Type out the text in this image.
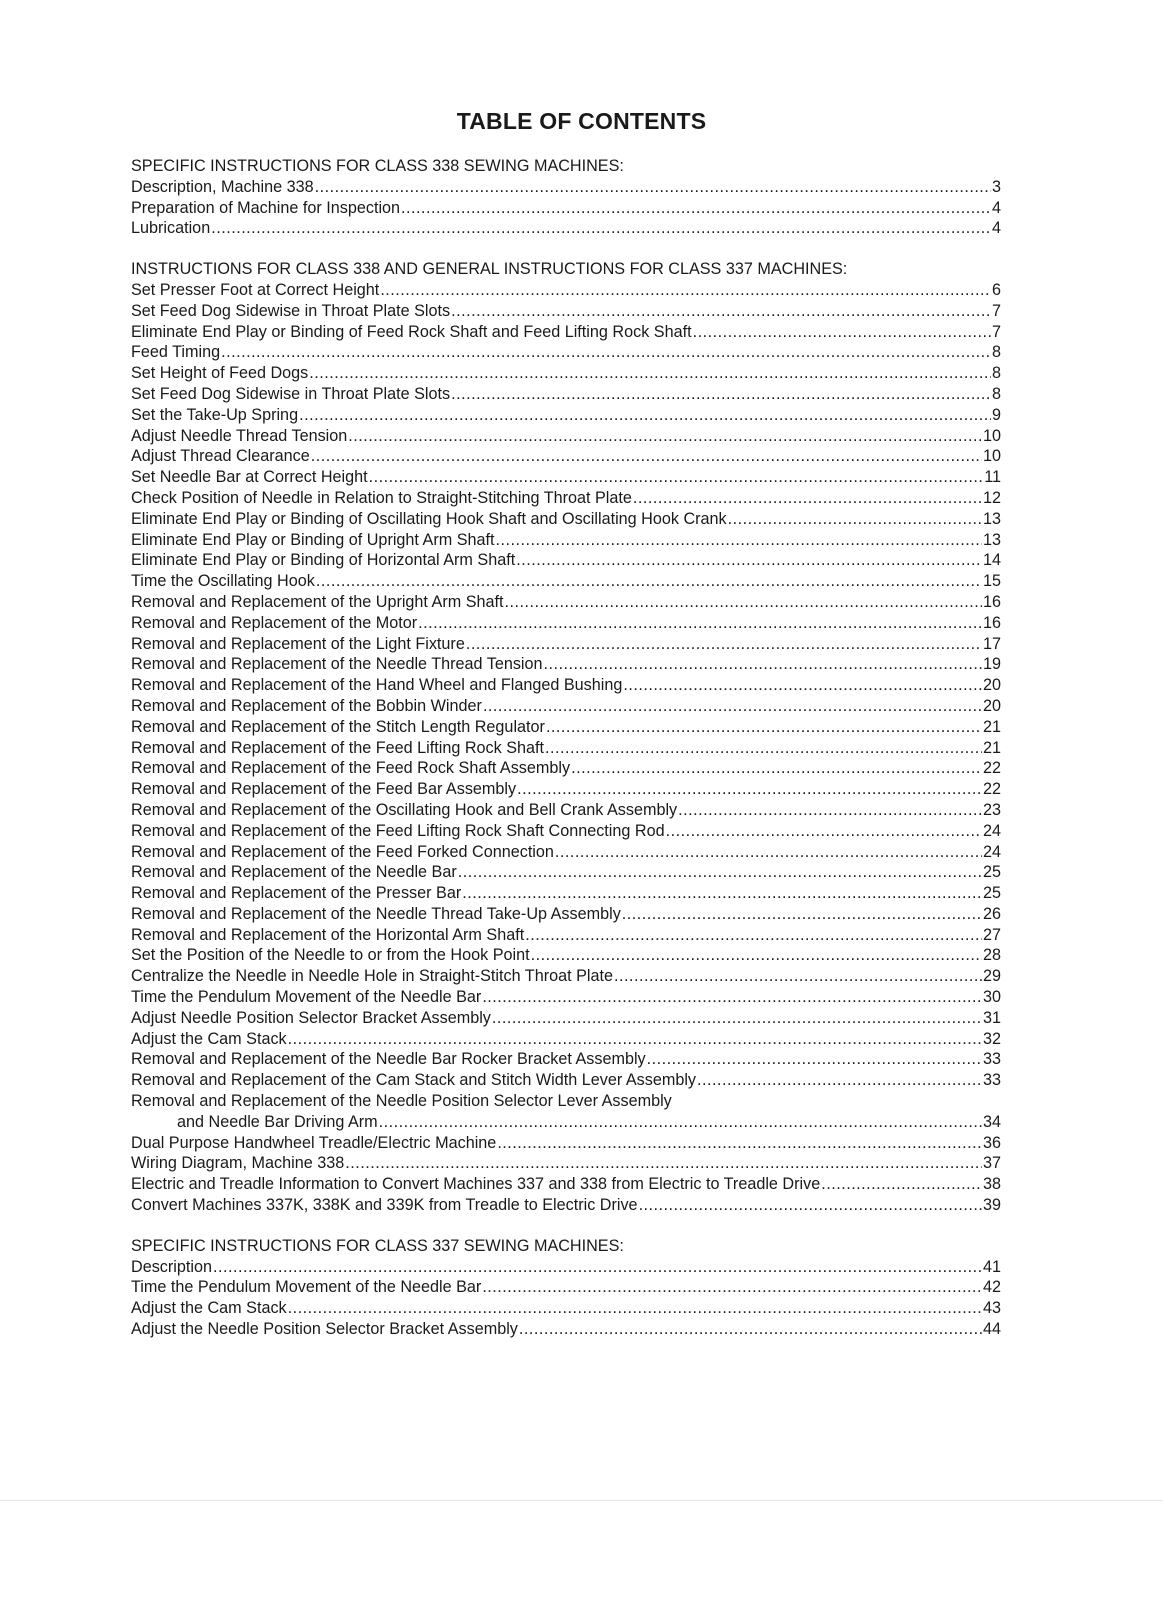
TABLE OF CONTENTS
SPECIFIC INSTRUCTIONS FOR CLASS 338 SEWING MACHINES:
Description, Machine 338 .....	3
Preparation of Machine for Inspection .....	4
Lubrication .....	4
INSTRUCTIONS FOR CLASS 338 AND GENERAL INSTRUCTIONS FOR CLASS 337 MACHINES:
Set Presser Foot at Correct Height .....	6
Set Feed Dog Sidewise in Throat Plate Slots .....	7
Eliminate End Play or Binding of Feed Rock Shaft and Feed Lifting Rock Shaft .....	7
Feed Timing .....	8
Set Height of Feed Dogs .....	8
Set Feed Dog Sidewise in Throat Plate Slots .....	8
Set the Take-Up Spring .....	9
Adjust Needle Thread Tension .....	10
Adjust Thread Clearance .....	10
Set Needle Bar at Correct Height .....	11
Check Position of Needle in Relation to Straight-Stitching Throat Plate .....	12
Eliminate End Play or Binding of Oscillating Hook Shaft and Oscillating Hook Crank .....	13
Eliminate End Play or Binding of Upright Arm Shaft .....	13
Eliminate End Play or Binding of Horizontal Arm Shaft .....	14
Time the Oscillating Hook .....	15
Removal and Replacement of the Upright Arm Shaft .....	16
Removal and Replacement of the Motor .....	16
Removal and Replacement of the Light Fixture .....	17
Removal and Replacement of the Needle Thread Tension .....	19
Removal and Replacement of the Hand Wheel and Flanged Bushing .....	20
Removal and Replacement of the Bobbin Winder .....	20
Removal and Replacement of the Stitch Length Regulator .....	21
Removal and Replacement of the Feed Lifting Rock Shaft .....	21
Removal and Replacement of the Feed Rock Shaft Assembly .....	22
Removal and Replacement of the Feed Bar Assembly .....	22
Removal and Replacement of the Oscillating Hook and Bell Crank Assembly .....	23
Removal and Replacement of the Feed Lifting Rock Shaft Connecting Rod .....	24
Removal and Replacement of the Feed Forked Connection .....	24
Removal and Replacement of the Needle Bar .....	25
Removal and Replacement of the Presser Bar .....	25
Removal and Replacement of the Needle Thread Take-Up Assembly .....	26
Removal and Replacement of the Horizontal Arm Shaft .....	27
Set the Position of the Needle to or from the Hook Point .....	28
Centralize the Needle in Needle Hole in Straight-Stitch Throat Plate .....	29
Time the Pendulum Movement of the Needle Bar .....	30
Adjust Needle Position Selector Bracket Assembly .....	31
Adjust the Cam Stack .....	32
Removal and Replacement of the Needle Bar Rocker Bracket Assembly .....	33
Removal and Replacement of the Cam Stack and Stitch Width Lever Assembly .....	33
Removal and Replacement of the Needle Position Selector Lever Assembly
and Needle Bar Driving Arm .....	34
Dual Purpose Handwheel Treadle/Electric Machine .....	36
Wiring Diagram, Machine 338 .....	37
Electric and Treadle Information to Convert Machines 337 and 338 from Electric to Treadle Drive .....	38
Convert Machines 337K, 338K and 339K from Treadle to Electric Drive .....	39
SPECIFIC INSTRUCTIONS FOR CLASS 337 SEWING MACHINES:
Description .....	41
Time the Pendulum Movement of the Needle Bar .....	42
Adjust the Cam Stack .....	43
Adjust the Needle Position Selector Bracket Assembly .....	44
